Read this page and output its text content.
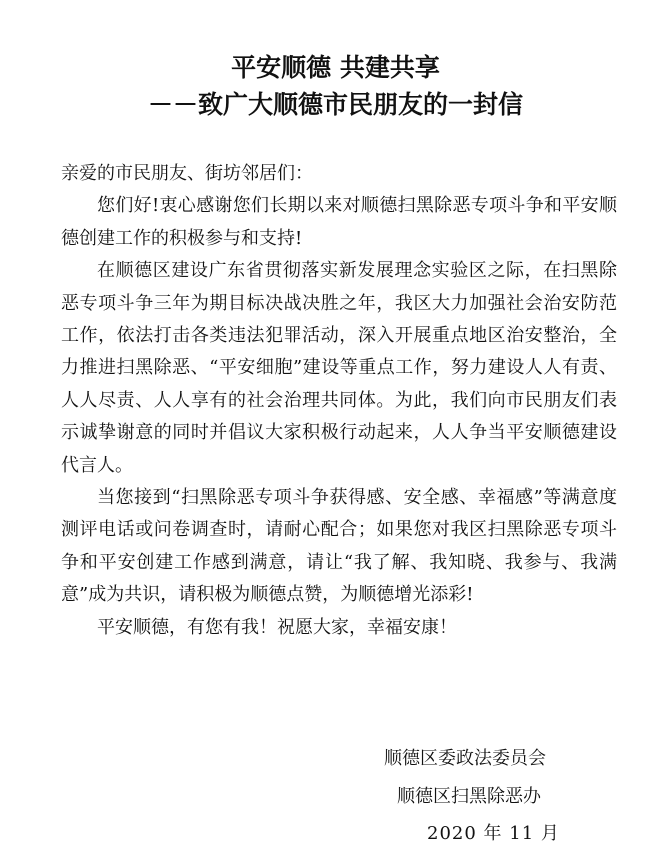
平安顺德 共建共享
－－致广大顺德市民朋友的一封信

亲爱的市民朋友、街坊邻居们：

您们好!衷心感谢您们长期以来对顺德扫黑除恶专项斗争和平安顺德创建工作的积极参与和支持!

在顺德区建设广东省贯彻落实新发展理念实验区之际，在扫黑除恶专项斗争三年为期目标决战决胜之年，我区大力加强社会治安防范工作，依法打击各类违法犯罪活动，深入开展重点地区治安整治，全力推进扫黑除恶、“平安细胞”建设等重点工作，努力建设人人有责、人人尽责、人人享有的社会治理共同体。为此，我们向市民朋友们表示诚挚谢意的同时并倡议大家积极行动起来，人人争当平安顺德建设代言人。

当您接到“扫黑除恶专项斗争获得感、安全感、幸福感”等满意度测评电话或问卷调查时，请耐心配合；如果您对我区扫黑除恶专项斗争和平安创建工作感到满意，请让“我了解、我知晓、我参与、我满意”成为共识，请积极为顺德点赞，为顺德增光添彩!

平安顺德，有您有我！祝愿大家，幸福安康！

顺德区委政法委员会
顺德区扫黑除恶办
2020 年 11 月
